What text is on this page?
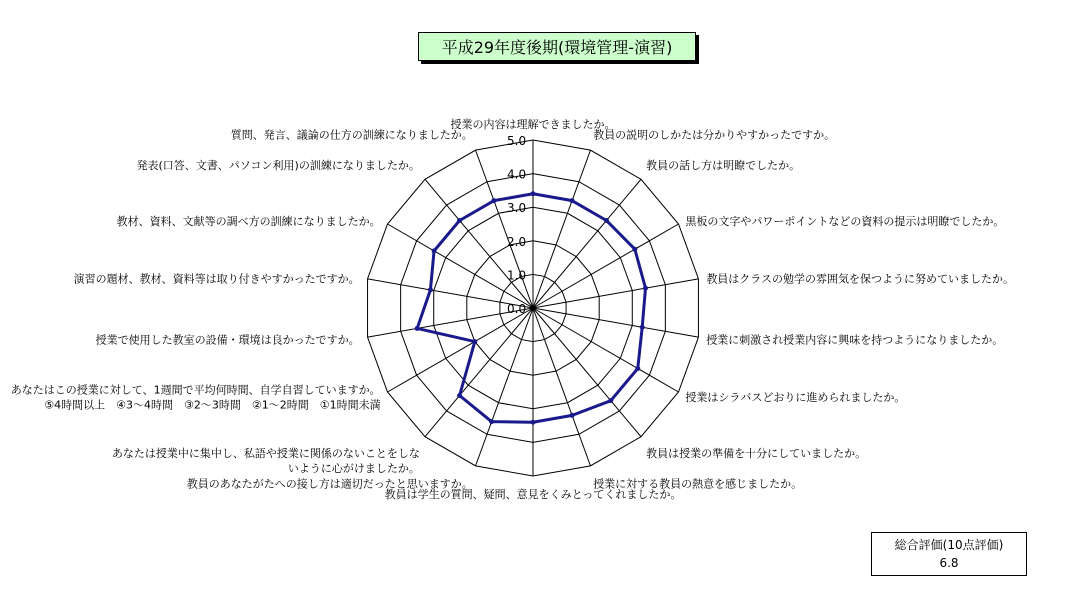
平成29年度後期(環境管理-演習)
0.0
1.0
2.0
3.0
4.0
5.0
授業の内容は理解できましたか。
教員の説明のしかたは分かりやすかったですか。
教員の話し方は明瞭でしたか。
黒板の文字やパワーポイントなどの資料の提示は明瞭でしたか。
教員はクラスの勉学の雰囲気を保つように努めていましたか。
授業に刺激され授業内容に興味を持つようになりましたか。
授業はシラバスどおりに進められましたか。
教員は授業の準備を十分にしていましたか。
授業に対する教員の熱意を感じましたか。
教員は学生の質問、疑問、意見をくみとってくれましたか。
教員のあなたがたへの接し方は適切だったと思いますか。
あなたは授業中に集中し、私語や授業に関係のないことをしないように心がけましたか。
あなたはこの授業に対して、1週間で平均何時間、自学自習していますか。 ⑤4時間以上　④3～4時間　③2～3時間　②1～2時間　①1時間未満
授業で使用した教室の設備・環境は良かったですか。
演習の題材、教材、資料等は取り付きやすかったですか。
教材、資料、文献等の調べ方の訓練になりましたか。
発表(口答、文書、パソコン利用)の訓練になりましたか。
質問、発言、議論の仕方の訓練になりましたか。
総合評価(10点評価)
6.8
